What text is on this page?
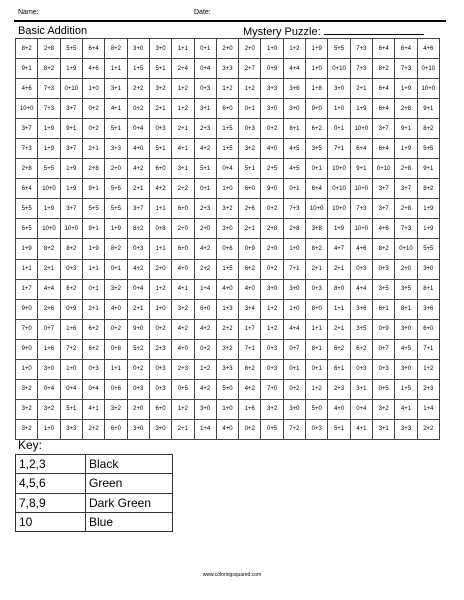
Name:	Date:
Basic Addition	Mystery Puzzle:
8+2	2+8	5+5	6+4	8+2	3+0	3+0	1+1	0+1	2+0	2+0	1+0	1+2	1+9	5+5	7+3	6+4	6+4	4+6
9+1	8+2	1+9	4+6	1+1	1+5	5+1	2+4	0+4	3+3	2+7	0+9	4+4	1+0	0+10	7+3	8+2	7+3	0+10
4+6	7+3	0+10	1+0	3+1	2+2	3+2	1+2	0+3	1+2	1+2	3+3	3+6	1+8	3+0	2+1	6+4	1+9	10+0
10+0	7+3	3+7	0+2	4+1	0+2	2+1	1+2	3+1	6+0	0+1	3+0	3+0	9+0	1+0	1+9	6+4	2+8	9+1
3+7	1+9	9+1	0+2	5+1	0+4	0+3	2+1	2+3	1+5	0+3	0+2	8+1	6+2	0+1	10+0	3+7	9+1	8+2
7+3	1+9	3+7	2+1	3+3	4+0	5+1	4+1	4+2	1+5	3+2	4+0	4+5	3+5	7+1	6+4	6+4	1+9	5+5
2+8	5+5	1+9	2+8	2+0	4+2	6+0	3+1	5+1	0+4	5+1	2+5	4+5	0+1	10+0	9+1	0+10	2+8	9+1
6+4	10+0	1+9	9+1	5+5	2+1	4+2	2+2	0+1	1+0	6+0	9+0	0+1	6+4	0+10	10+0	3+7	3+7	8+2
5+5	1+9	3+7	5+5	5+5	3+7	1+1	6+0	2+3	3+2	2+6	0+2	7+3	10+0	10+0	7+3	3+7	2+8	1+9
5+5	10+0	10+0	9+1	1+9	8+2	0+8	2+0	2+0	3+0	2+1	2+8	2+8	3+8	1+9	10+0	4+6	7+3	1+9
1+9	8+2	8+2	1+9	8+2	0+3	1+1	6+0	4+2	0+6	0+9	2+0	1+0	8+2	4+7	4+6	8+2	0+10	5+5
1+1	2+1	0+3	1+1	0+1	4+2	2+0	4+0	2+2	1+5	6+2	0+2	7+1	2+1	2+1	0+3	0+3	2+0	3+0
1+7	4+4	6+2	0+1	3+2	0+4	1+2	4+1	1+4	4+0	4+0	3+0	3+0	0+3	8+0	4+4	3+5	3+5	8+1
9+0	2+6	0+9	2+1	4+0	2+1	1+0	3+2	6+0	1+3	3+4	1+2	1+0	8+0	1+1	3+6	6+1	8+1	3+6
7+0	0+7	1+6	6+2	0+2	9+0	0+2	4+2	4+2	2+2	1+7	1+2	4+4	1+1	2+1	3+5	0+9	3+0	6+0
9+0	1+6	7+2	6+2	0+8	5+2	2+3	4+0	0+2	3+2	7+1	0+3	0+7	8+1	6+2	6+2	0+7	4+5	7+1
1+0	3+0	1+0	0+3	1+1	0+2	0+3	2+3	1+2	3+3	6+2	0+3	0+1	0+1	6+1	0+3	0+3	3+0	1+2
3+2	0+4	0+4	0+4	0+6	0+3	0+3	0+5	4+2	5+0	4+2	7+0	0+2	1+2	2+3	3+1	0+5	1+5	2+3
3+2	3+2	5+1	4+1	3+2	2+0	6+0	1+2	3+0	1+0	1+6	3+2	3+0	5+0	4+0	0+4	3+2	4+1	1+4
3+2	1+0	3+3	2+2	6+0	3+0	3+0	2+1	1+4	4+0	0+2	0+5	7+2	0+3	5+1	4+1	3+1	3+3	2+2
Key:
1,2,3	Black
4,5,6	Green
7,8,9	Dark Green
10	Blue
www.coloringsquared.com
